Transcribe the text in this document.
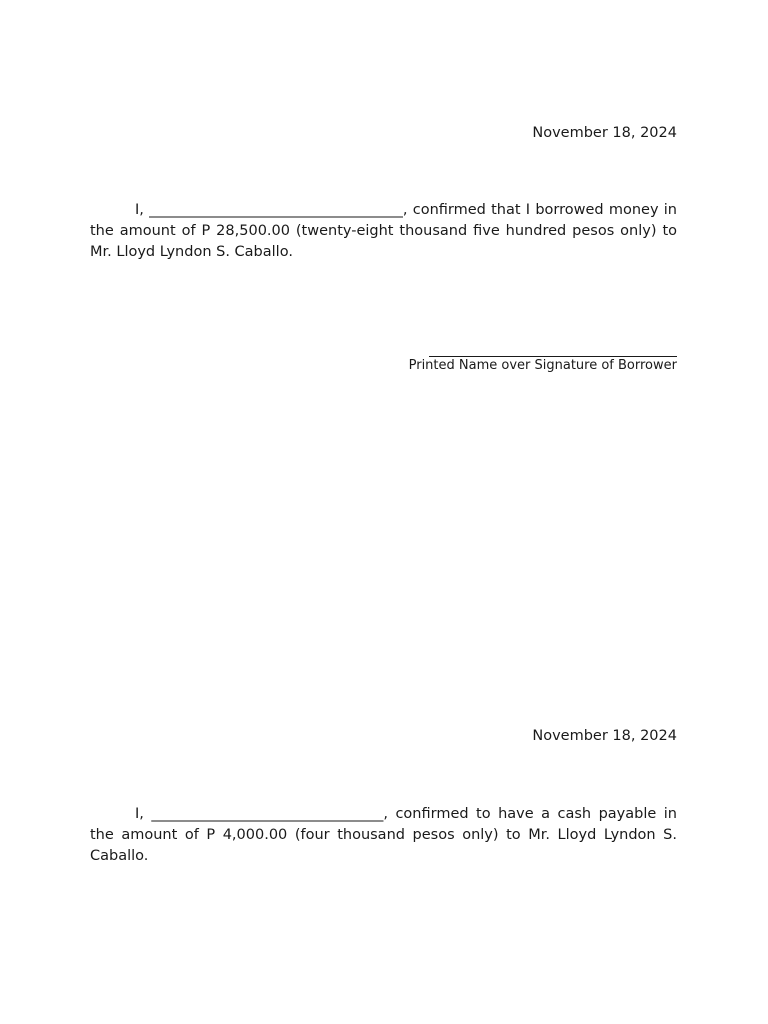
November 18, 2024

I, ___________________________________, confirmed that I borrowed money in the amount of P 28,500.00 (twenty-eight thousand five hundred pesos only) to Mr. Lloyd Lyndon S. Caballo.

Printed Name over Signature of Borrower
November 18, 2024

I, ________________________________, confirmed to have a cash payable in the amount of P 4,000.00 (four thousand pesos only) to Mr. Lloyd Lyndon S. Caballo.
